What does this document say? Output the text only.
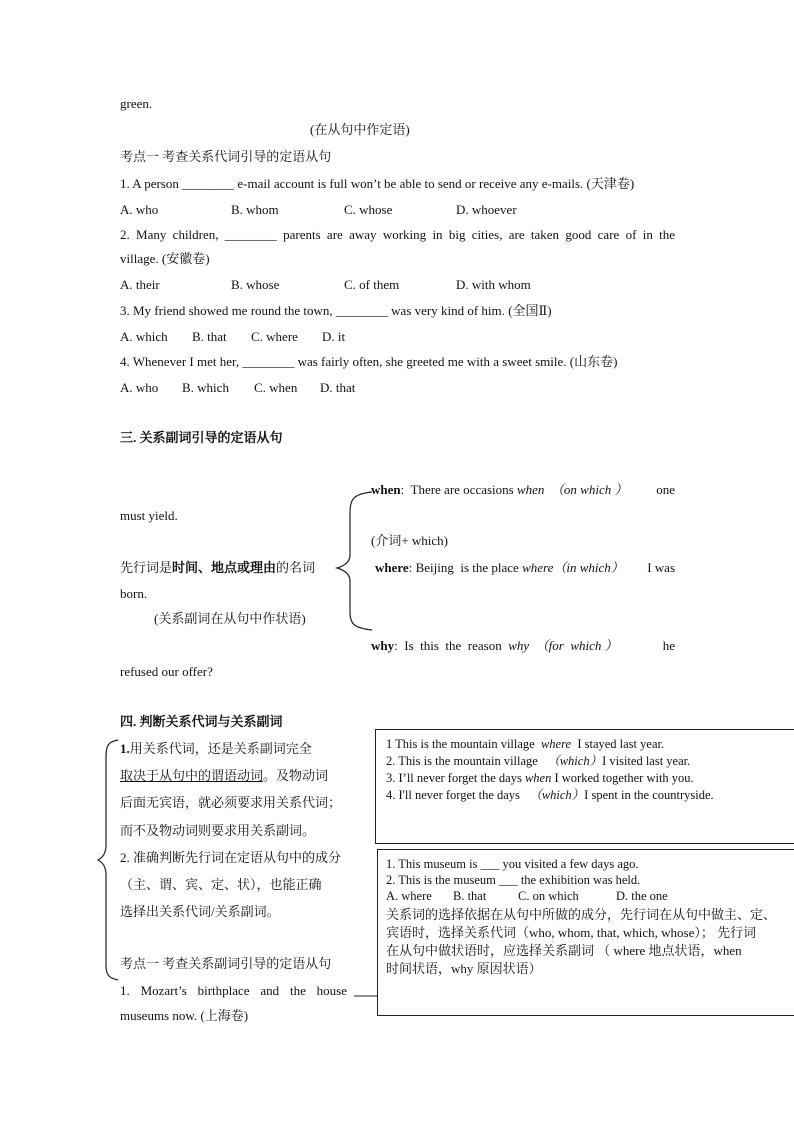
green.
(在从句中作定语)
考点一 考查关系代词引导的定语从句
1. A person ________ e-mail account is full won’t be able to send or receive any e-mails. (天津卷)
A. who	B. whom	C. whose	D. whoever
2. Many children, ________ parents are away working in big cities, are taken good care of in the
village. (安徽卷)
A. their	B. whose	C. of them	D. with whom
3. My friend showed me round the town, ________ was very kind of him. (全国Ⅱ)
A. which B. that C. where D. it
4. Whenever I met her, ________ was fairly often, she greeted me with a sweet smile. (山东卷)
A. who B. which C. when D. that
三. 关系副词引导的定语从句
when :  There are occasions when　（on which ） one
must yield.
(介词+ which)
先行词是时间、地点或理由的名词	where : Beijing  is the place where（in which） I was
born.
(关系副词在从句中作状语)
why :  Is  this  the  reason why　（for  which ）	he
refused our offer?
四. 判断关系代词与关系副词
1.用关系代词，还是关系副词完全
取决于从句中的谓语动词。及物动词
后面无宾语，就必须要求用关系代词；
而不及物动词则要求用关系副词。
2. 准确判断先行词在定语从句中的成分
（主、谓、宾、定、状），也能正确
选择出关系代词/关系副词。
考点一 考查关系副词引导的定语从句
1. Mozart’s birthplace and the house
museums now. (上海卷)
1 This is the mountain village  where  I stayed last year.
2. This is the mountain village   （which）I visited last year.
3. I’ll never forget the days when I worked together with you.
4. I'll never forget the days   （which）I spent in the countryside.
1. This museum is ___ you visited a few days ago.
2. This is the museum ___ the exhibition was held.
A. where B. that	C. on which	D. the one
关系词的选择依据在从句中所做的成分，先行词在从句中做主、定、
宾语时，选择关系代词（who, whom, that, which, whose）； 先行词
在从句中做状语时，应选择关系副词 （ where 地点状语，when
时间状语，why 原因状语）
